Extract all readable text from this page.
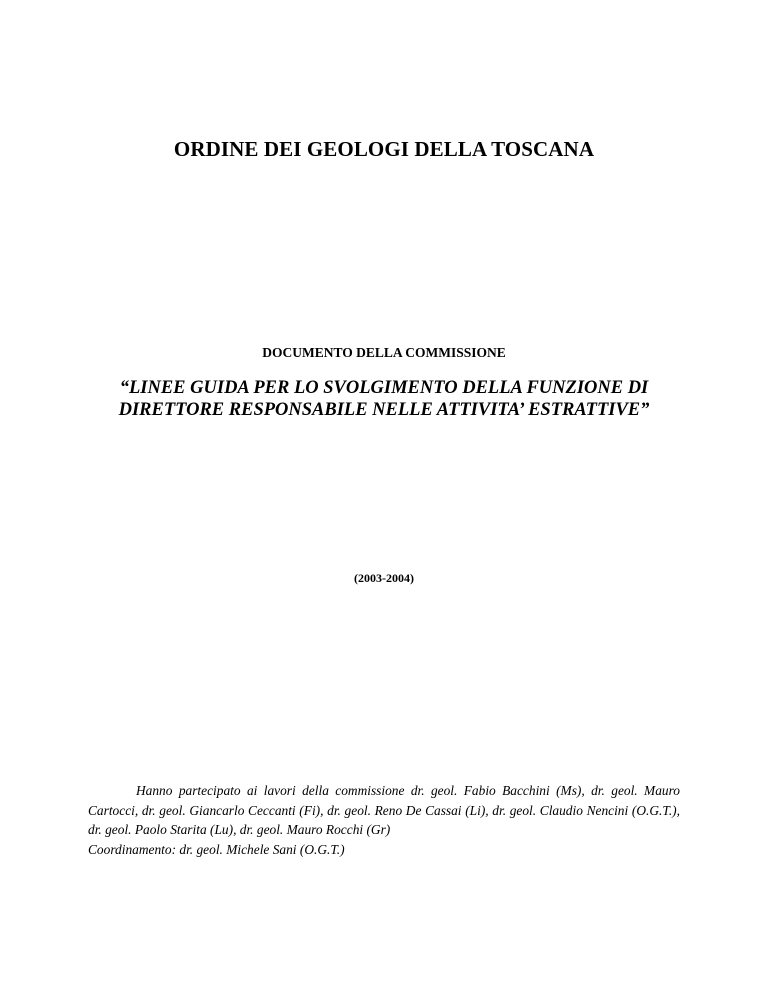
ORDINE DEI GEOLOGI DELLA TOSCANA
DOCUMENTO DELLA COMMISSIONE
“LINEE GUIDA PER LO SVOLGIMENTO DELLA FUNZIONE DI
DIRETTORE RESPONSABILE NELLE ATTIVITA’ ESTRATTIVE”
(2003-2004)

Hanno partecipato ai lavori della commissione dr. geol. Fabio Bacchini (Ms), dr. geol. Mauro Cartocci, dr. geol. Giancarlo Ceccanti (Fi), dr. geol. Reno De Cassai (Li), dr. geol. Claudio Nencini (O.G.T.), dr. geol. Paolo Starita (Lu), dr. geol. Mauro Rocchi (Gr)

Coordinamento: dr. geol. Michele Sani (O.G.T.)
